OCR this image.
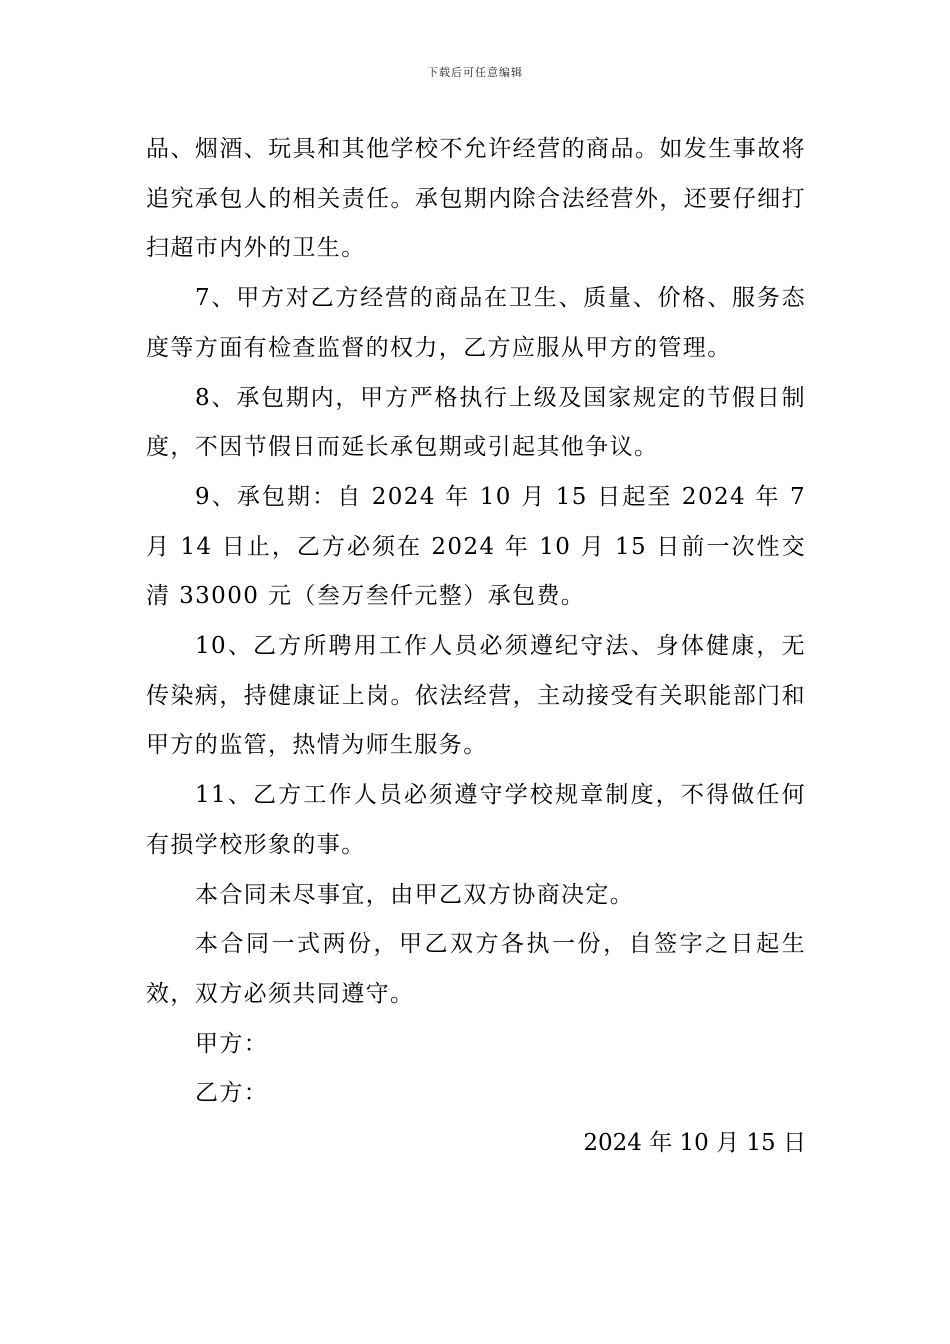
下载后可任意编辑

品、烟酒、玩具和其他学校不允许经营的商品。如发生事故将追究承包人的相关责任。承包期内除合法经营外，还要仔细打扫超市内外的卫生。

7、甲方对乙方经营的商品在卫生、质量、价格、服务态度等方面有检查监督的权力，乙方应服从甲方的管理。

8、承包期内，甲方严格执行上级及国家规定的节假日制度，不因节假日而延长承包期或引起其他争议。

9、承包期：自 2024 年 10 月 15 日起至 2024 年 7 月 14 日止，乙方必须在 2024 年 10 月 15 日前一次性交清 33000 元（叁万叁仟元整）承包费。

10、乙方所聘用工作人员必须遵纪守法、身体健康，无传染病，持健康证上岗。依法经营，主动接受有关职能部门和甲方的监管，热情为师生服务。

11、乙方工作人员必须遵守学校规章制度，不得做任何有损学校形象的事。

本合同未尽事宜，由甲乙双方协商决定。

本合同一式两份，甲乙双方各执一份，自签字之日起生效，双方必须共同遵守。

甲方：

乙方：

2024 年 10 月 15 日
